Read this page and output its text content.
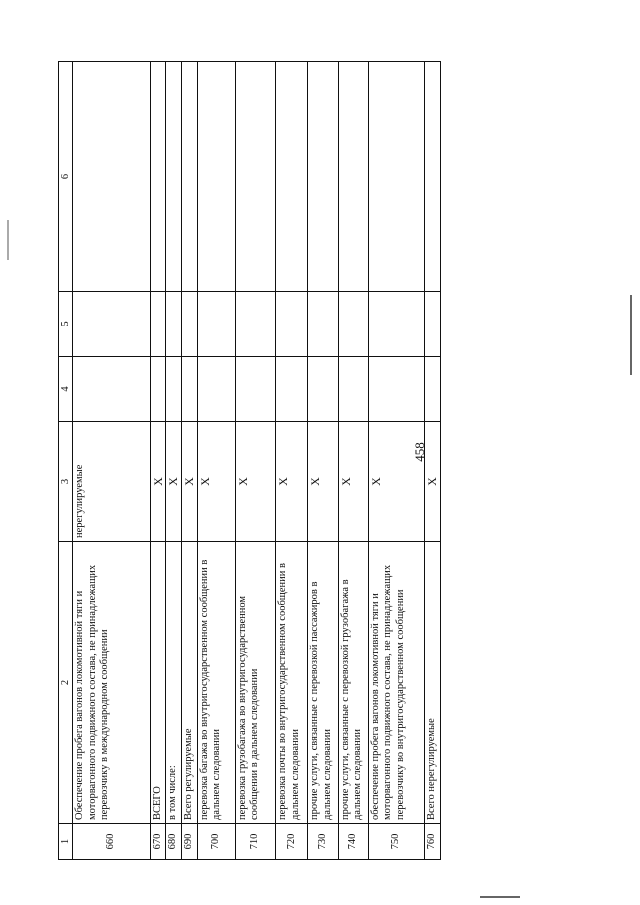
458
1	2	3	4	5	6
660	Обеспечение пробега вагонов локомотивной тяги и моторвагонного подвижного состава, не принадлежащих перевозчику в международном сообщении	нерегулируемые			
670	ВСЕГО	X			
680	в том числе:	X			
690	Всего регулируемые	X			
700	перевозка багажа во внутригосударственном сообщении в дальнем следовании	X			
710	перевозка грузобагажа во внутригосударственном сообщении в дальнем следовании	X			
720	перевозка почты во внутригосударственном сообщении в дальнем следовании	X			
730	прочие услуги, связанные с перевозкой пассажиров в дальнем следовании	X			
740	прочие услуги, связанные с перевозкой грузобагажа в дальнем следовании	X			
750	обеспечение пробега вагонов локомотивной тяги и моторвагонного подвижного состава, не принадлежащих перевозчику во внутригосударственном сообщении	X			
760	Всего нерегулируемые	X			
